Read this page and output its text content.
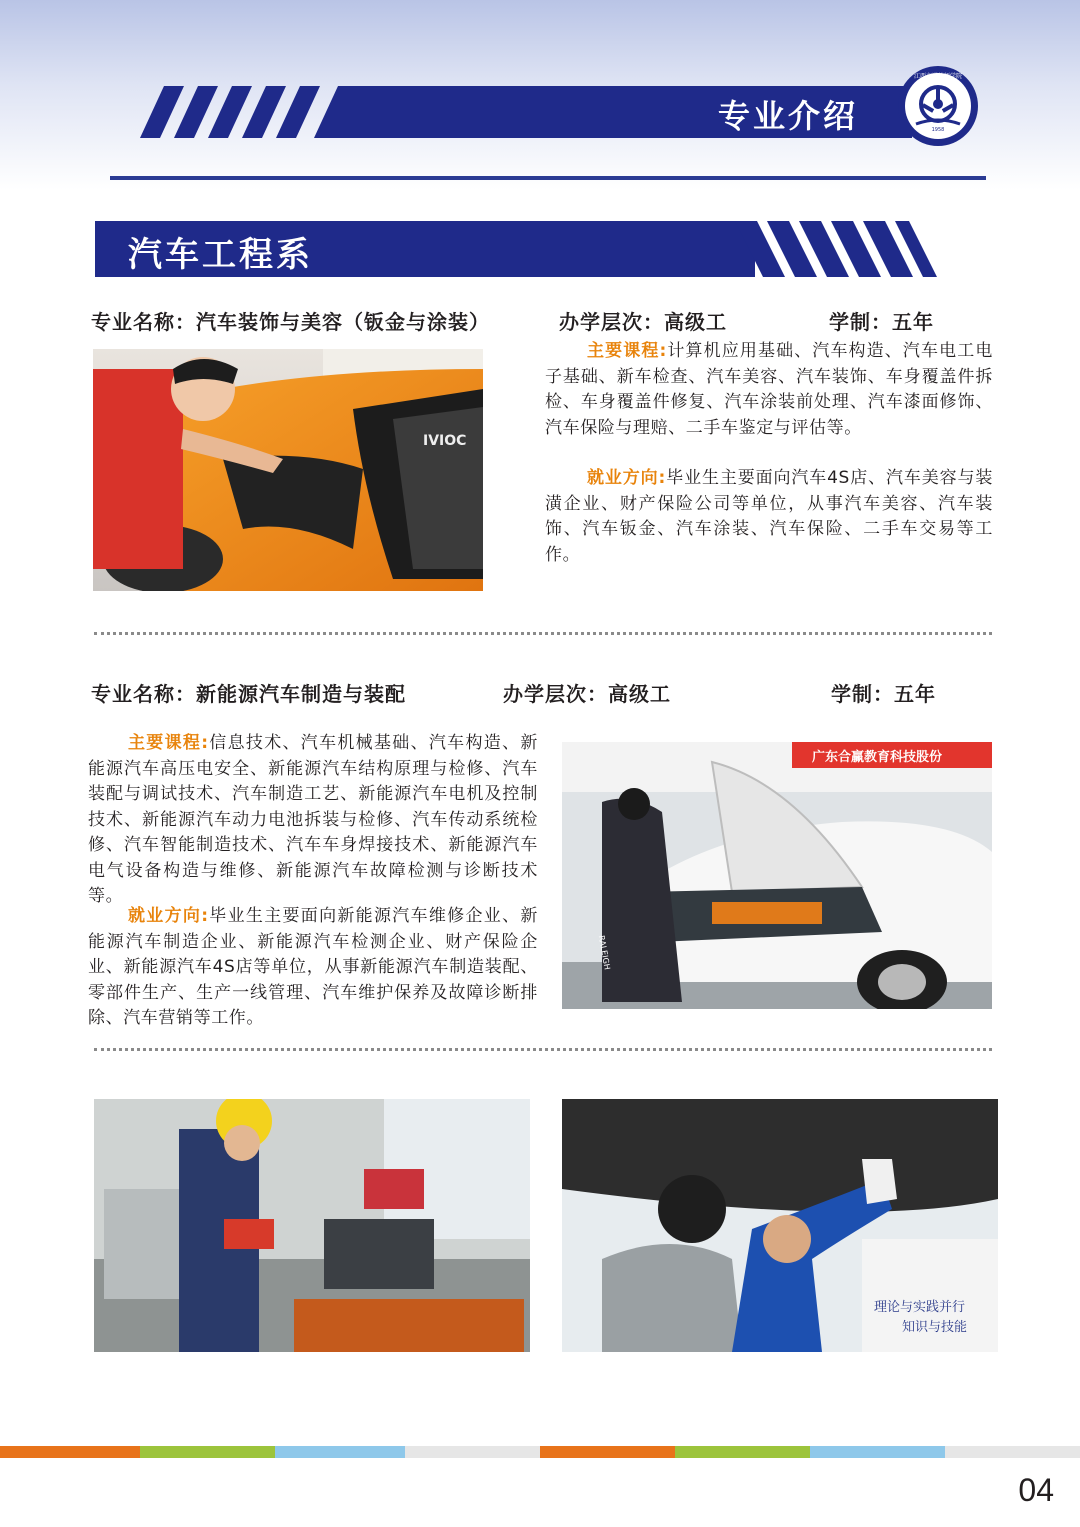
专业介绍	1958
江西交通技师学院
汽车工程系
专业名称：汽车装饰与美容（钣金与涂装）	办学层次：高级工	学制：五年
IVIOC
主要课程:计算机应用基础、汽车构造、汽车电工电子基础、新车检查、汽车美容、汽车装饰、车身覆盖件拆检、车身覆盖件修复、汽车涂装前处理、汽车漆面修饰、汽车保险与理赔、二手车鉴定与评估等。
就业方向:毕业生主要面向汽车4S店、汽车美容与装潢企业、财产保险公司等单位，从事汽车美容、汽车装饰、汽车钣金、汽车涂装、汽车保险、二手车交易等工作。
专业名称：新能源汽车制造与装配	办学层次：高级工	学制：五年
主要课程:信息技术、汽车机械基础、汽车构造、新能源汽车高压电安全、新能源汽车结构原理与检修、汽车装配与调试技术、汽车制造工艺、新能源汽车电机及控制技术、新能源汽车动力电池拆装与检修、汽车传动系统检修、汽车智能制造技术、汽车车身焊接技术、新能源汽车电气设备构造与维修、新能源汽车故障检测与诊断技术等。
就业方向:毕业生主要面向新能源汽车维修企业、新能源汽车制造企业、新能源汽车检测企业、财产保险企业、新能源汽车4S店等单位，从事新能源汽车制造装配、零部件生产、生产一线管理、汽车维护保养及故障诊断排除、汽车营销等工作。
广东合赢教育科技股份
RALEIGH
理论与实践并行
知识与技能
04
